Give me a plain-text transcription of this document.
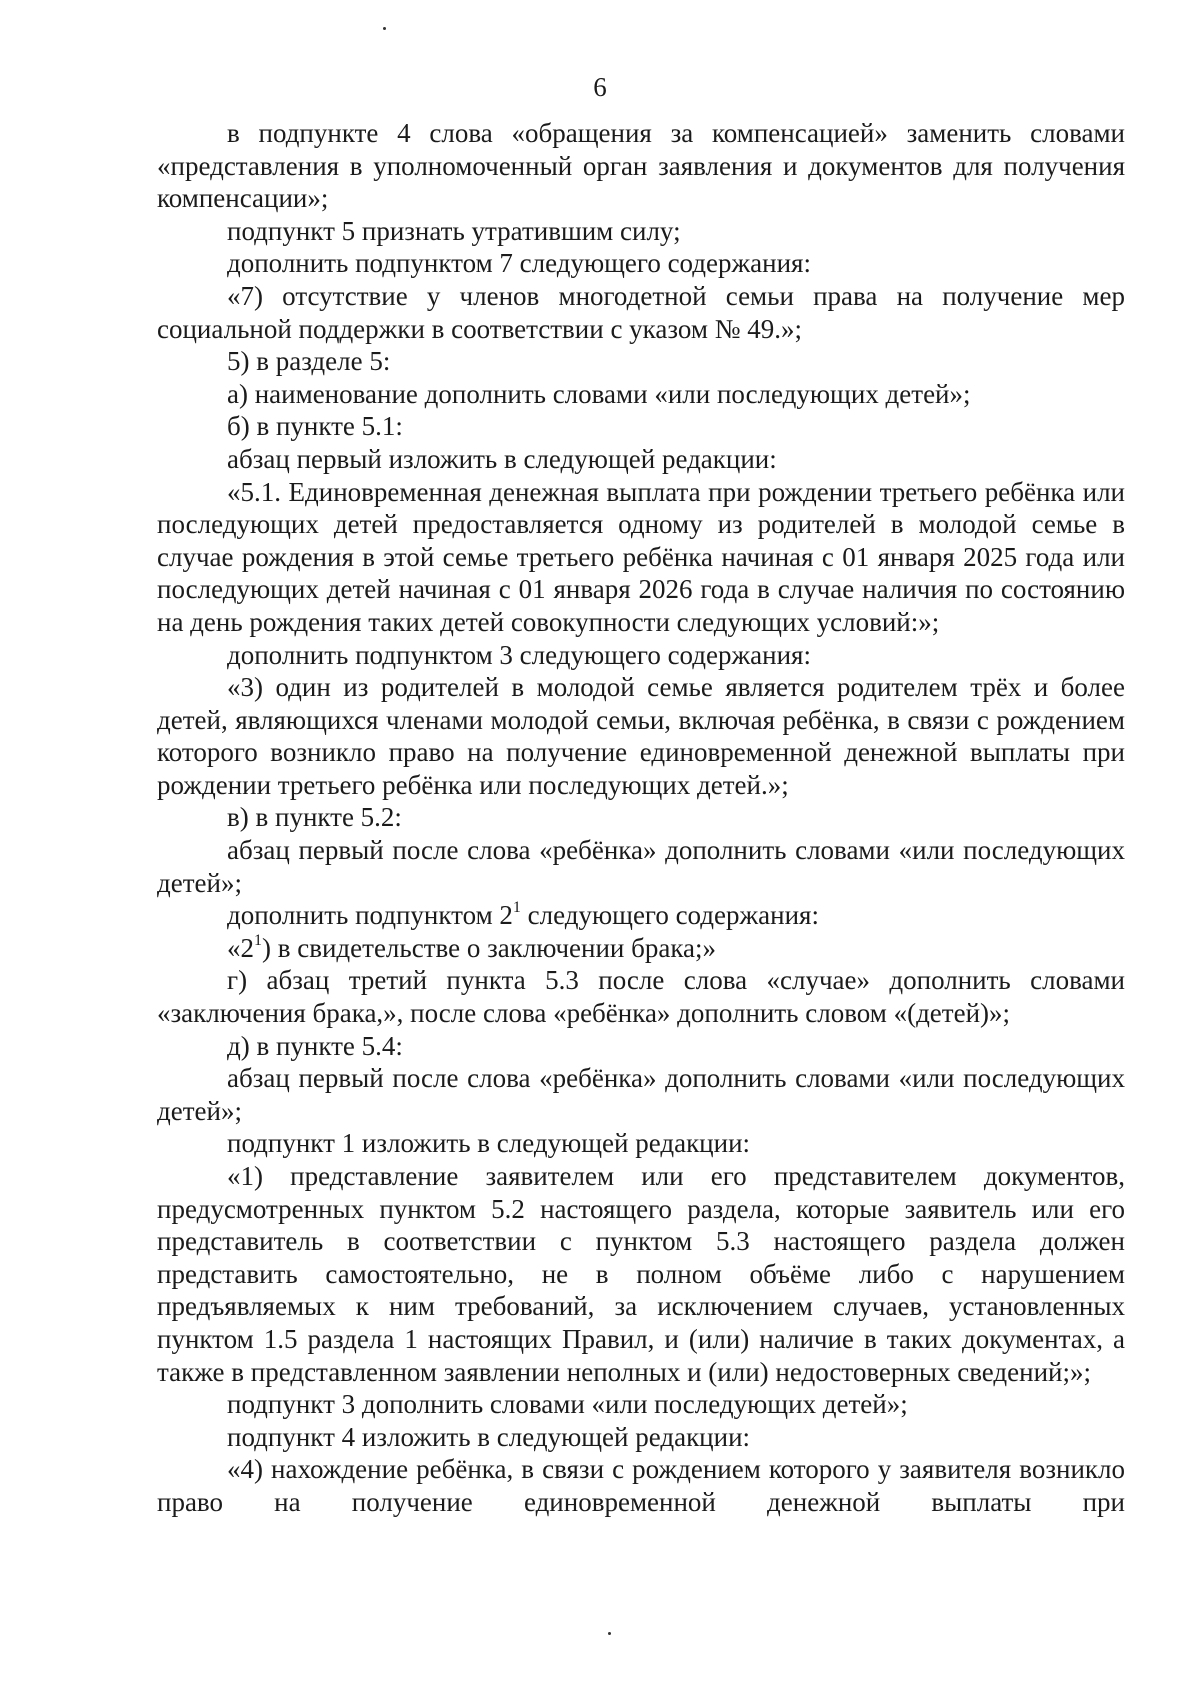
6

в подпункте 4 слова «обращения за компенсацией» заменить словами «представления в уполномоченный орган заявления и документов для получения компенсации»;

подпункт 5 признать утратившим силу;

дополнить подпунктом 7 следующего содержания:

«7) отсутствие у членов многодетной семьи права на получение мер социальной поддержки в соответствии с указом № 49.»;

5) в разделе 5:

а) наименование дополнить словами «или последующих детей»;

б) в пункте 5.1:

абзац первый изложить в следующей редакции:

«5.1. Единовременная денежная выплата при рождении третьего ребёнка или последующих детей предоставляется одному из родителей в молодой семье в случае рождения в этой семье третьего ребёнка начиная с 01 января 2025 года или последующих детей начиная с 01 января 2026 года в случае наличия по состоянию на день рождения таких детей совокупности следующих условий:»;

дополнить подпунктом 3 следующего содержания:

«3) один из родителей в молодой семье является родителем трёх и более детей, являющихся членами молодой семьи, включая ребёнка, в связи с рождением которого возникло право на получение единовременной денежной выплаты при рождении третьего ребёнка или последующих детей.»;

в) в пункте 5.2:

абзац первый после слова «ребёнка» дополнить словами «или последующих детей»;

дополнить подпунктом $2^1$ следующего содержания:

«$2^1$) в свидетельстве о заключении брака;»

г) абзац третий пункта 5.3 после слова «случае» дополнить словами «заключения брака,», после слова «ребёнка» дополнить словом «(детей)»;

д) в пункте 5.4:

абзац первый после слова «ребёнка» дополнить словами «или последующих детей»;

подпункт 1 изложить в следующей редакции:

«1) представление заявителем или его представителем документов, предусмотренных пунктом 5.2 настоящего раздела, которые заявитель или его представитель в соответствии с пунктом 5.3 настоящего раздела должен представить самостоятельно, не в полном объёме либо с нарушением предъявляемых к ним требований, за исключением случаев, установленных пунктом 1.5 раздела 1 настоящих Правил, и (или) наличие в таких документах, а также в представленном заявлении неполных и (или) недостоверных сведений;»;

подпункт 3 дополнить словами «или последующих детей»;

подпункт 4 изложить в следующей редакции:

«4) нахождение ребёнка, в связи с рождением которого у заявителя возникло право на получение единовременной денежной выплаты при
